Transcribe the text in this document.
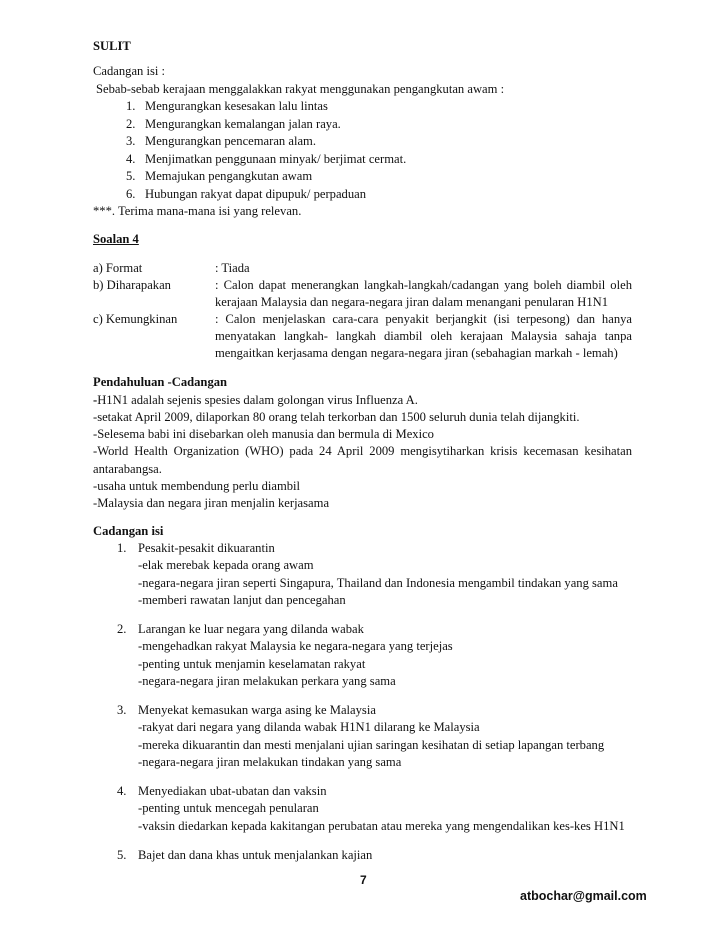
SULIT
Cadangan isi :
Sebab-sebab kerajaan menggalakkan rakyat menggunakan pengangkutan awam :
1. Mengurangkan kesesakan lalu lintas
2. Mengurangkan kemalangan jalan raya.
3. Mengurangkan pencemaran alam.
4. Menjimatkan penggunaan minyak/ berjimat cermat.
5. Memajukan pengangkutan awam
6. Hubungan rakyat dapat dipupuk/ perpaduan
***. Terima mana-mana isi yang relevan.
Soalan 4
a) Format	: Tiada
b) Diharapakan	: Calon dapat menerangkan langkah-langkah/cadangan yang boleh diambil oleh
kerajaan Malaysia dan negara-negara jiran dalam menangani penularan H1N1
c) Kemungkinan	: Calon menjelaskan cara-cara penyakit berjangkit (isi terpesong) dan hanya
menyatakan langkah- langkah diambil oleh kerajaan Malaysia sahaja tanpa
mengaitkan kerjasama dengan negara-negara jiran (sebahagian markah - lemah)
Pendahuluan -Cadangan
-H1N1 adalah sejenis spesies dalam golongan virus Influenza A.
-setakat April 2009, dilaporkan 80 orang telah terkorban dan 1500 seluruh dunia telah dijangkiti.
-Selesema babi ini disebarkan oleh manusia dan bermula di Mexico
-World Health Organization (WHO) pada 24 April 2009 mengisytiharkan krisis kecemasan kesihatan
antarabangsa.
-usaha untuk membendung perlu diambil
-Malaysia dan negara jiran menjalin kerjasama
Cadangan isi
1. Pesakit-pesakit dikuarantin
-elak merebak kepada orang awam
-negara-negara jiran seperti Singapura, Thailand dan Indonesia mengambil tindakan yang sama
-memberi rawatan lanjut dan pencegahan
2. Larangan ke luar negara yang dilanda wabak
-mengehadkan rakyat Malaysia ke negara-negara yang terjejas
-penting untuk menjamin keselamatan rakyat
-negara-negara jiran melakukan perkara yang sama
3. Menyekat kemasukan warga asing ke Malaysia
-rakyat dari negara yang dilanda wabak H1N1 dilarang ke Malaysia
-mereka dikuarantin dan mesti menjalani ujian saringan kesihatan di setiap lapangan terbang
-negara-negara jiran melakukan tindakan yang sama
4. Menyediakan ubat-ubatan dan vaksin
-penting untuk mencegah penularan
-vaksin diedarkan kepada kakitangan perubatan atau mereka yang mengendalikan kes-kes H1N1
5. Bajet dan dana khas untuk menjalankan kajian
7
atbochar@gmail.com
